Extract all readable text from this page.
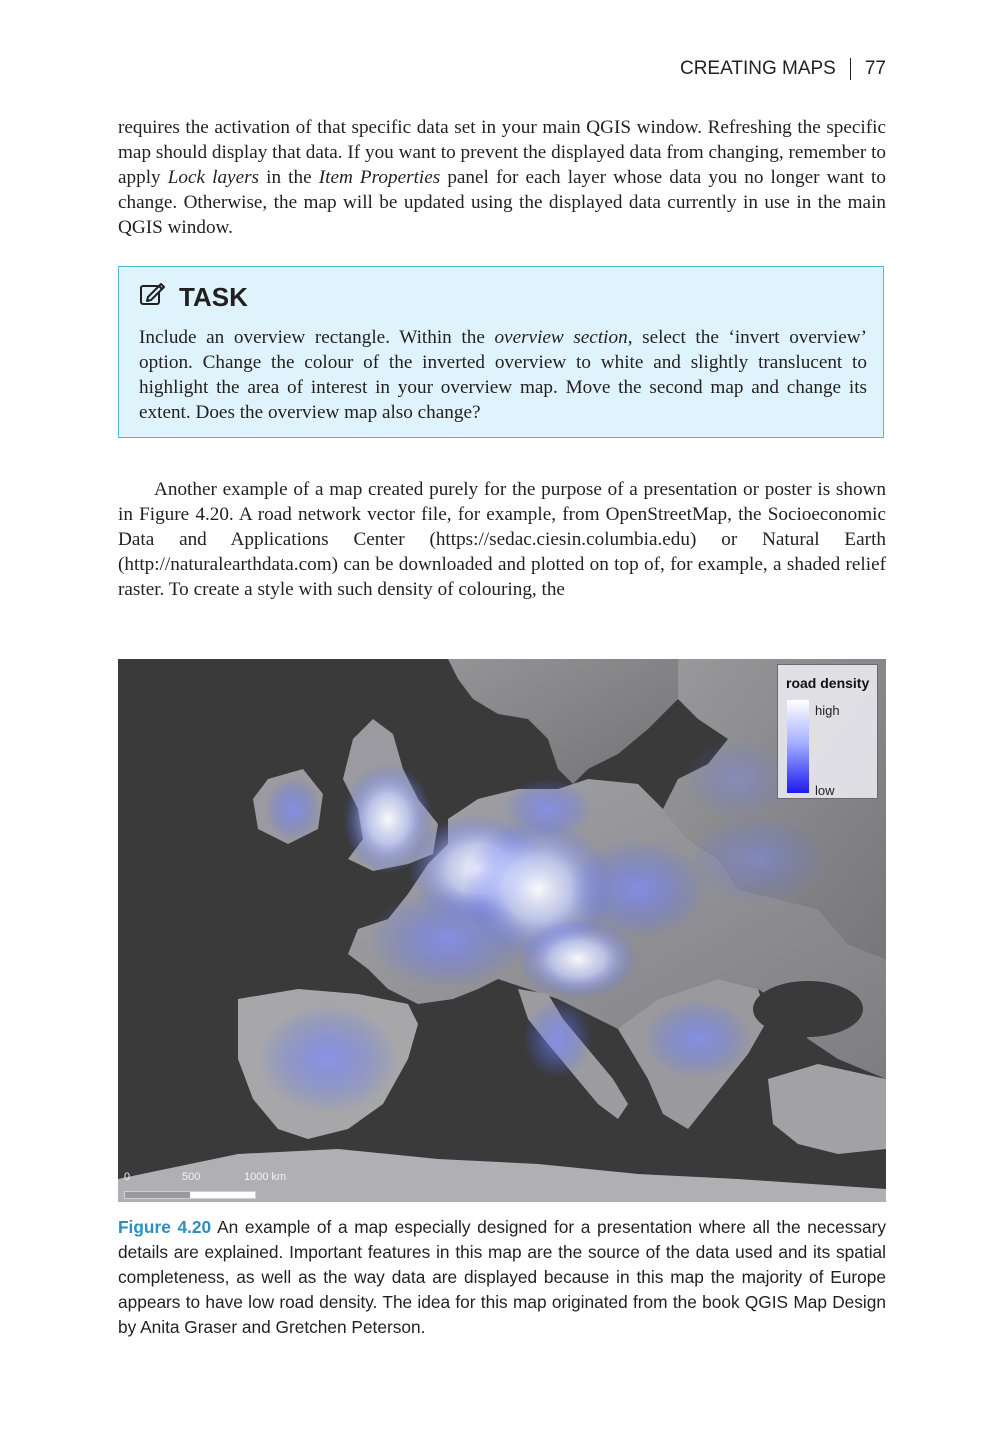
CREATING MAPS 77

requires the activation of that specific data set in your main QGIS window. Refreshing the specific map should display that data. If you want to prevent the displayed data from changing, remember to apply Lock layers in the Item Properties panel for each layer whose data you no longer want to change. Otherwise, the map will be updated using the displayed data currently in use in the main QGIS window.

TASK

Include an overview rectangle. Within the overview section, select the ‘invert overview’ option. Change the colour of the inverted overview to white and slightly translucent to highlight the area of interest in your overview map. Move the second map and change its extent. Does the overview map also change?

Another example of a map created purely for the purpose of a presentation or poster is shown in Figure 4.20. A road network vector file, for example, from OpenStreetMap, the Socioeconomic Data and Applications Center (https://sedac.ciesin.columbia.edu) or Natural Earth (http://naturalearthdata.com) can be downloaded and plotted on top of, for example, a shaded relief raster. To create a style with such density of colouring, the

road density
high
low
European road network
0	500	1000 km

Figure 4.20 An example of a map especially designed for a presentation where all the necessary details are explained. Important features in this map are the source of the data used and its spatial completeness, as well as the way data are displayed because in this map the majority of Europe appears to have low road density. The idea for this map originated from the book QGIS Map Design by Anita Graser and Gretchen Peterson.
